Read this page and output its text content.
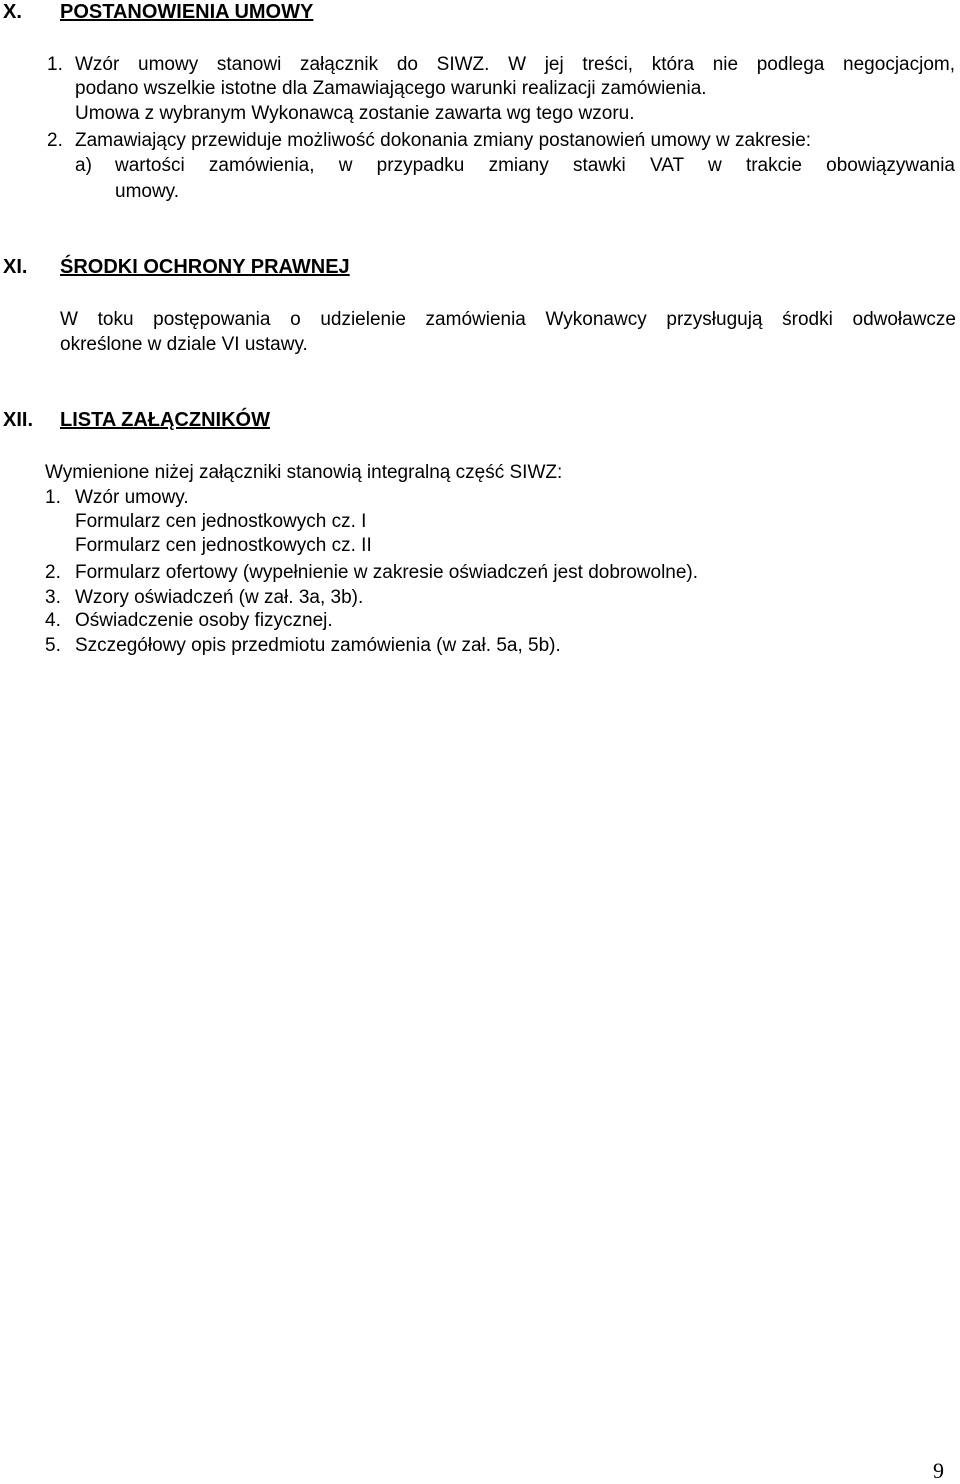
X. POSTANOWIENIA UMOWY
1. Wzór umowy stanowi załącznik do SIWZ. W jej treści, która nie podlega negocjacjom,
podano wszelkie istotne dla Zamawiającego warunki realizacji zamówienia.
Umowa z wybranym Wykonawcą zostanie zawarta wg tego wzoru.
2. Zamawiający przewiduje możliwość dokonania zmiany postanowień umowy w zakresie:
a) wartości zamówienia, w przypadku zmiany stawki VAT w trakcie obowiązywania
umowy.
XI. ŚRODKI OCHRONY PRAWNEJ
W toku postępowania o udzielenie zamówienia Wykonawcy przysługują środki odwoławcze
określone w dziale VI ustawy.
XII. LISTA ZAŁĄCZNIKÓW
Wymienione niżej załączniki stanowią integralną część SIWZ:
1. Wzór umowy.
Formularz cen jednostkowych cz. I
Formularz cen jednostkowych cz. II
2. Formularz ofertowy (wypełnienie w zakresie oświadczeń jest dobrowolne).
3. Wzory oświadczeń (w zał. 3a, 3b).
4. Oświadczenie osoby fizycznej.
5. Szczegółowy opis przedmiotu zamówienia (w zał. 5a, 5b).
9
